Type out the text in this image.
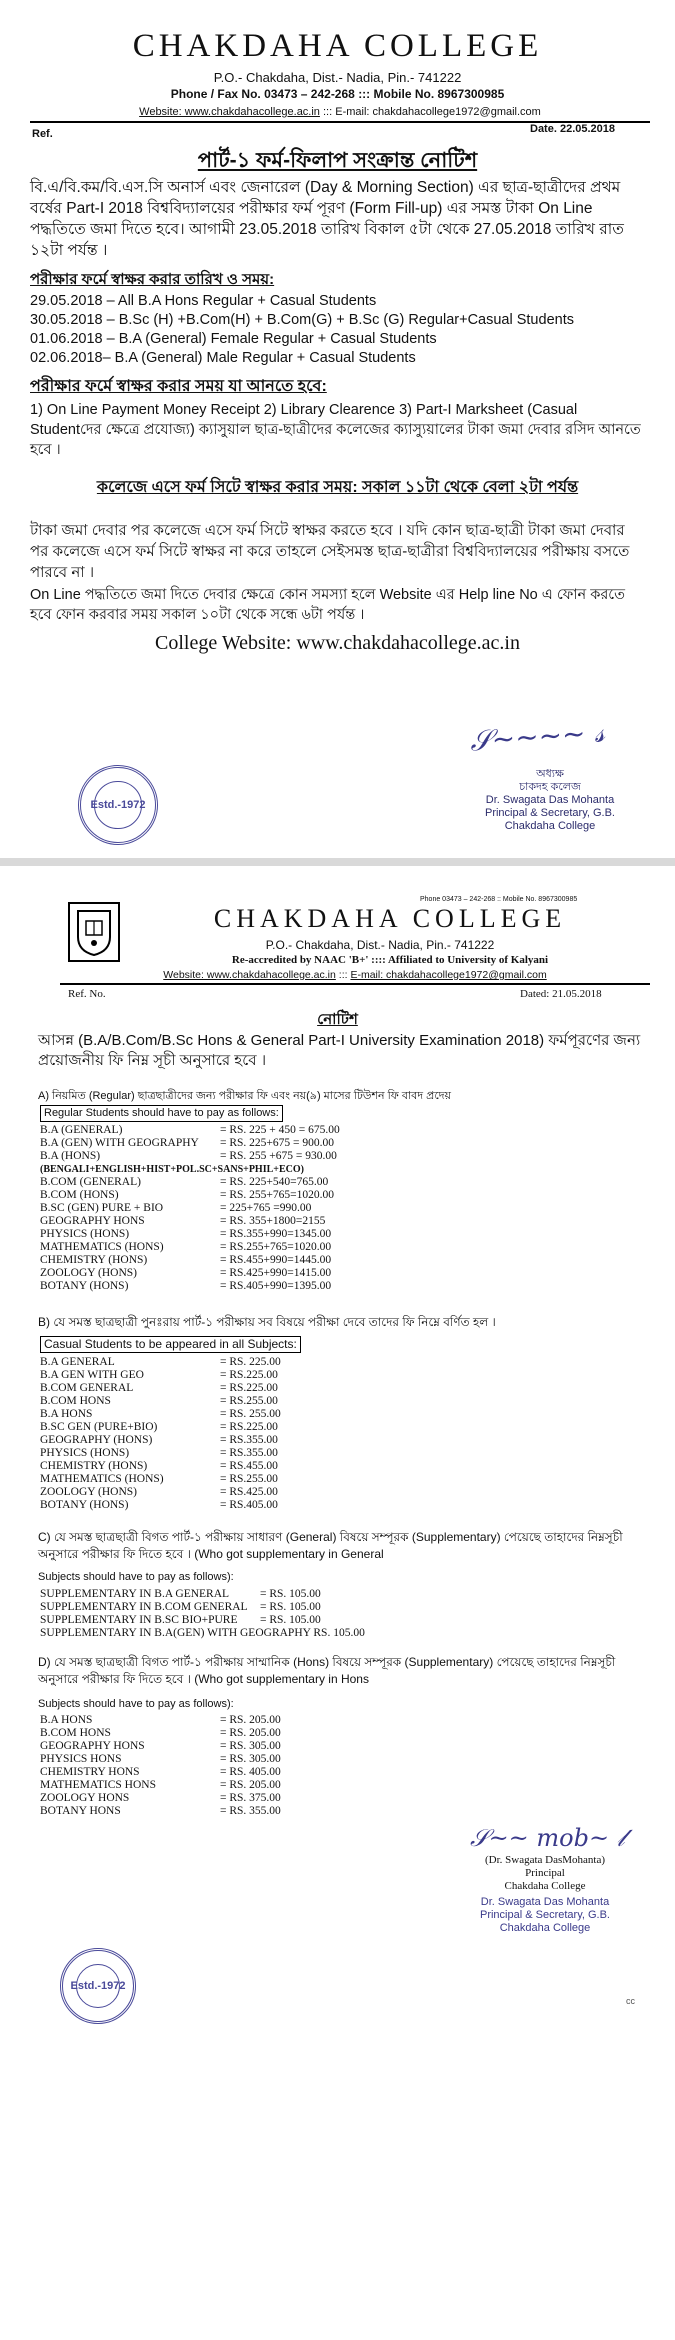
CHAKDAHA COLLEGE
P.O.- Chakdaha, Dist.- Nadia, Pin.- 741222
Phone / Fax No. 03473 – 242-268 ::: Mobile No. 8967300985
Website: www.chakdahacollege.ac.in ::: E-mail: chakdahacollege1972@gmail.com
Ref.	Date. 22.05.2018
পার্ট-১ ফর্ম-ফিলাপ সংক্রান্ত নোটিশ
বি.এ/বি.কম/বি.এস.সি অনার্স এবং জেনারেল (Day & Morning Section) এর ছাত্র-ছাত্রীদের প্রথম বর্ষের Part-I 2018 বিশ্ববিদ্যালয়ের পরীক্ষার ফর্ম পূরণ (Form Fill-up) এর সমস্ত টাকা On Line পদ্ধতিতে জমা দিতে হবে। আগামী 23.05.2018 তারিখ বিকাল ৫টা থেকে 27.05.2018 তারিখ রাত ১২টা পর্যন্ত ।
পরীক্ষার ফর্মে স্বাক্ষর করার তারিখ ও সময়:
29.05.2018 – All B.A Hons Regular + Casual Students
30.05.2018 – B.Sc (H) +B.Com(H) + B.Com(G) + B.Sc (G) Regular+Casual Students
01.06.2018 – B.A (General) Female Regular + Casual Students
02.06.2018– B.A (General) Male Regular + Casual Students
পরীক্ষার ফর্মে স্বাক্ষর করার সময় যা আনতে হবে:
1) On Line Payment Money Receipt 2) Library Clearence 3) Part-I Marksheet (Casual Studentদের ক্ষেত্রে প্রযোজ্য) ক্যাসুয়াল ছাত্র-ছাত্রীদের কলেজের ক্যাস্যুয়ালের টাকা জমা দেবার রসিদ আনতে হবে ।
কলেজে এসে ফর্ম সিটে স্বাক্ষর করার সময়: সকাল ১১টা থেকে বেলা ২টা পর্যন্ত
টাকা জমা দেবার পর কলেজে এসে ফর্ম সিটে স্বাক্ষর করতে হবে । যদি কোন ছাত্র-ছাত্রী টাকা জমা দেবার পর কলেজে এসে ফর্ম সিটে স্বাক্ষর না করে তাহলে সেইসমস্ত ছাত্র-ছাত্রীরা বিশ্ববিদ্যালয়ের পরীক্ষায় বসতে পারবে না ।
On Line পদ্ধতিতে জমা দিতে দেবার ক্ষেত্রে কোন সমস্যা হলে Website এর Help line No এ ফোন করতে হবে ফোন করবার সময় সকাল ১০টা থেকে সন্ধে ৬টা পর্যন্ত ।
College Website: www.chakdahacollege.ac.in
𝒮~~~~ 𝓈
অধ্যক্ষ
চাকদহ কলেজ
Dr. Swagata Das Mohanta
Principal & Secretary, G.B.
Chakdaha College
Estd.-1972
Phone 03473 – 242-268 :: Mobile No. 8967300985
CHAKDAHA COLLEGE
P.O.- Chakdaha, Dist.- Nadia, Pin.- 741222
Re-accredited by NAAC 'B+' :::: Affiliated to University of Kalyani
Website: www.chakdahacollege.ac.in ::: E-mail: chakdahacollege1972@gmail.com
Ref. No.	Dated: 21.05.2018
নোটিশ
আসন্ন (B.A/B.Com/B.Sc Hons & General Part-I University Examination 2018) ফর্মপূরণের জন্য প্রয়োজনীয় ফি নিম্ন সূচী অনুসারে হবে ।
A) নিয়মিত (Regular) ছাত্রছাত্রীদের জন্য পরীক্ষার ফি এবং নয়(৯) মাসের টিউশন ফি বাবদ প্রদেয়
Regular Students should have to pay as follows:
B.A (GENERAL)	= RS. 225 + 450 = 675.00
B.A (GEN) WITH GEOGRAPHY	= RS. 225+675 = 900.00
B.A (HONS)	= RS. 255 +675 = 930.00
(BENGALI+ENGLISH+HIST+POL.SC+SANS+PHIL+ECO)
B.COM (GENERAL)	= RS. 225+540=765.00
B.COM (HONS)	= RS. 255+765=1020.00
B.SC (GEN) PURE + BIO	= 225+765 =990.00
GEOGRAPHY HONS	= RS. 355+1800=2155
PHYSICS (HONS)	= RS.355+990=1345.00
MATHEMATICS (HONS)	= RS.255+765=1020.00
CHEMISTRY (HONS)	= RS.455+990=1445.00
ZOOLOGY (HONS)	= RS.425+990=1415.00
BOTANY (HONS)	= RS.405+990=1395.00
B) যে সমস্ত ছাত্রছাত্রী পুনঃরায় পার্ট-১ পরীক্ষায় সব বিষয়ে পরীক্ষা দেবে তাদের ফি নিম্নে বর্ণিত হল ।
Casual Students to be appeared in all Subjects:
B.A GENERAL	= RS. 225.00
B.A GEN WITH GEO	= RS.225.00
B.COM GENERAL	= RS.225.00
B.COM HONS	= RS.255.00
B.A HONS	= RS. 255.00
B.SC GEN (PURE+BIO)	= RS.225.00
GEOGRAPHY (HONS)	= RS.355.00
PHYSICS (HONS)	= RS.355.00
CHEMISTRY (HONS)	= RS.455.00
MATHEMATICS (HONS)	= RS.255.00
ZOOLOGY (HONS)	= RS.425.00
BOTANY (HONS)	= RS.405.00
C) যে সমস্ত ছাত্রছাত্রী বিগত পার্ট-১ পরীক্ষায় সাধারণ (General) বিষয়ে সম্পূরক (Supplementary) পেয়েছে তাহাদের নিম্নসূচী অনুসারে পরীক্ষার ফি দিতে হবে । (Who got supplementary in General
Subjects should have to pay as follows):
SUPPLEMENTARY IN B.A GENERAL	= RS. 105.00
SUPPLEMENTARY IN B.COM GENERAL	= RS. 105.00
SUPPLEMENTARY IN B.SC BIO+PURE	= RS. 105.00
SUPPLEMENTARY IN B.A(GEN) WITH GEOGRAPHY RS. 105.00
D) যে সমস্ত ছাত্রছাত্রী বিগত পার্ট-১ পরীক্ষায় সাম্মানিক (Hons) বিষয়ে সম্পূরক (Supplementary) পেয়েছে তাহাদের নিম্নসূচী অনুসারে পরীক্ষার ফি দিতে হবে । (Who got supplementary in Hons
Subjects should have to pay as follows):
B.A HONS	= RS. 205.00
B.COM HONS	= RS. 205.00
GEOGRAPHY HONS	= RS. 305.00
PHYSICS HONS	= RS. 305.00
CHEMISTRY HONS	= RS. 405.00
MATHEMATICS HONS	= RS. 205.00
ZOOLOGY HONS	= RS. 375.00
BOTANY HONS	= RS. 355.00
𝒮~~ mob~ 𝓁
(Dr. Swagata DasMohanta)
Principal
Chakdaha College
Dr. Swagata Das Mohanta
Principal & Secretary, G.B.
Chakdaha College
Estd.-1972
cc
